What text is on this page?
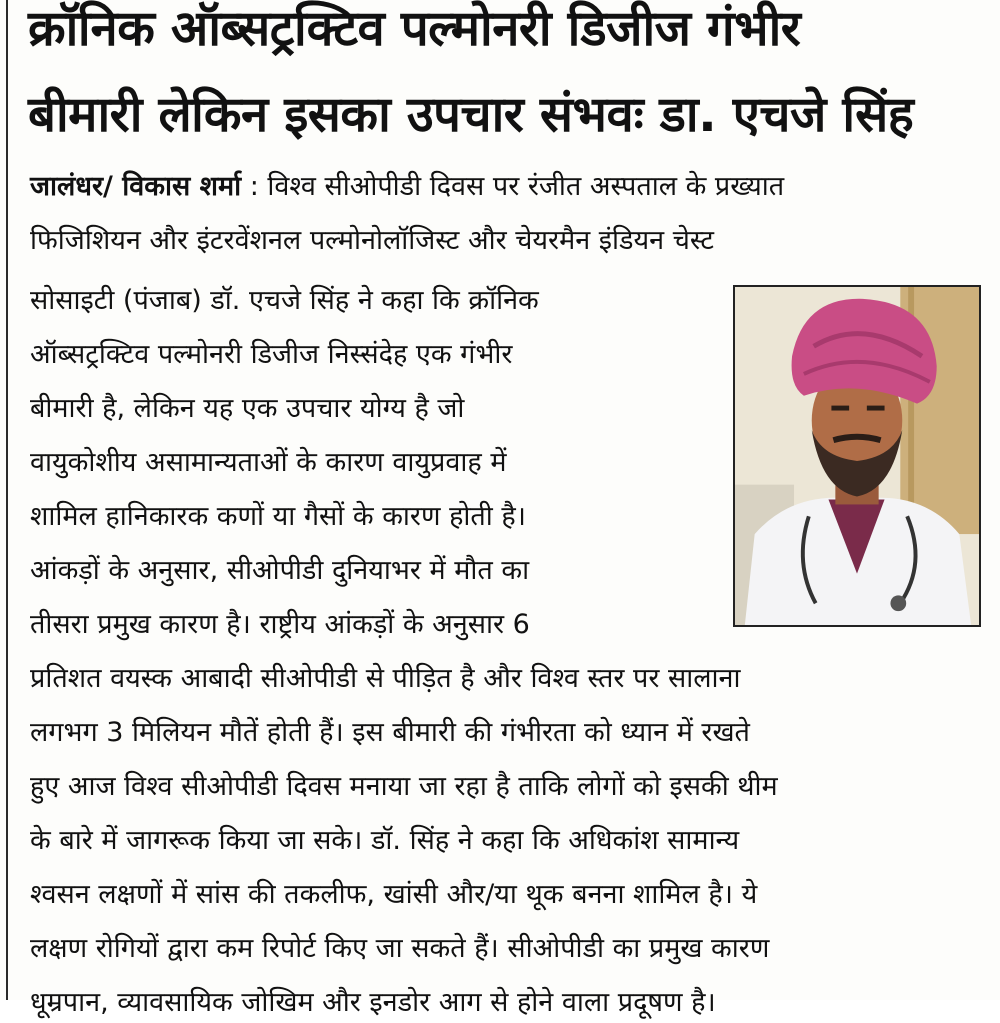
क्रॉनिक ऑब्सट्रक्टिव पल्मोनरी डिजीज गंभीर
बीमारी लेकिन इसका उपचार संभवः डा. एचजे सिंह

जालंधर/ विकास शर्मा : विश्व सीओपीडी दिवस पर रंजीत अस्पताल के प्रख्यात

फिजिशियन और इंटरवेंशनल पल्मोनोलॉजिस्ट और चेयरमैन इंडियन चेस्ट

सोसाइटी (पंजाब) डॉ. एचजे सिंह ने कहा कि क्रॉनिक

ऑब्सट्रक्टिव पल्मोनरी डिजीज निस्संदेह एक गंभीर

बीमारी है, लेकिन यह एक उपचार योग्य है जो

वायुकोशीय असामान्यताओं के कारण वायुप्रवाह में

शामिल हानिकारक कणों या गैसों के कारण होती है।

आंकड़ों के अनुसार, सीओपीडी दुनियाभर में मौत का

तीसरा प्रमुख कारण है। राष्ट्रीय आंकड़ों के अनुसार 6

प्रतिशत वयस्क आबादी सीओपीडी से पीड़ित है और विश्व स्तर पर सालाना

लगभग 3 मिलियन मौतें होती हैं। इस बीमारी की गंभीरता को ध्यान में रखते

हुए आज विश्व सीओपीडी दिवस मनाया जा रहा है ताकि लोगों को इसकी थीम

के बारे में जागरूक किया जा सके। डॉ. सिंह ने कहा कि अधिकांश सामान्य

श्वसन लक्षणों में सांस की तकलीफ, खांसी और/या थूक बनना शामिल है। ये

लक्षण रोगियों द्वारा कम रिपोर्ट किए जा सकते हैं। सीओपीडी का प्रमुख कारण

धूम्रपान, व्यावसायिक जोखिम और इनडोर आग से होने वाला प्रदूषण है।
